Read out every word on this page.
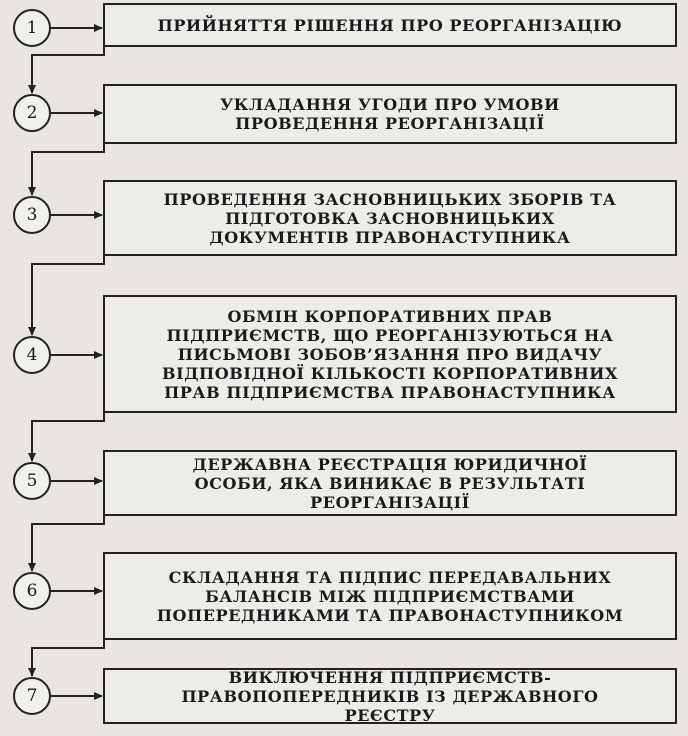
1	ПРИЙНЯТТЯ РІШЕННЯ ПРО РЕОРГАНІЗАЦІЮ
2	УКЛАДАННЯ УГОДИ ПРО УМОВИ ПРОВЕДЕННЯ РЕОРГАНІЗАЦІЇ
3
ПРОВЕДЕННЯ ЗАСНОВНИЦЬКИХ ЗБОРІВ ТА ПІДГОТОВКА ЗАСНОВНИЦЬКИХ ДОКУМЕНТІВ ПРАВОНАСТУПНИКА
4
ОБМІН КОРПОРАТИВНИХ ПРАВ ПІДПРИЄМСТВ, ЩО РЕОРГАНІЗУЮТЬСЯ НА ПИСЬМОВІ ЗОБОВ’ЯЗАННЯ ПРО ВИДАЧУ ВІДПОВІДНОЇ КІЛЬКОСТІ КОРПОРАТИВНИХ ПРАВ ПІДПРИЄМСТВА ПРАВОНАСТУПНИКА
5
ДЕРЖАВНА РЕЄСТРАЦІЯ ЮРИДИЧНОЇ ОСОБИ, ЯКА ВИНИКАЄ В РЕЗУЛЬТАТІ РЕОРГАНІЗАЦІЇ
6
СКЛАДАННЯ ТА ПІДПИС ПЕРЕДАВАЛЬНИХ БАЛАНСІВ МІЖ ПІДПРИЄМСТВАМИ ПОПЕРЕДНИКАМИ ТА ПРАВОНАСТУПНИКОМ
7
ВИКЛЮЧЕННЯ ПІДПРИЄМСТВ-ПРАВОПОПЕРЕДНИКІВ ІЗ ДЕРЖАВНОГО РЕЄСТРУ
